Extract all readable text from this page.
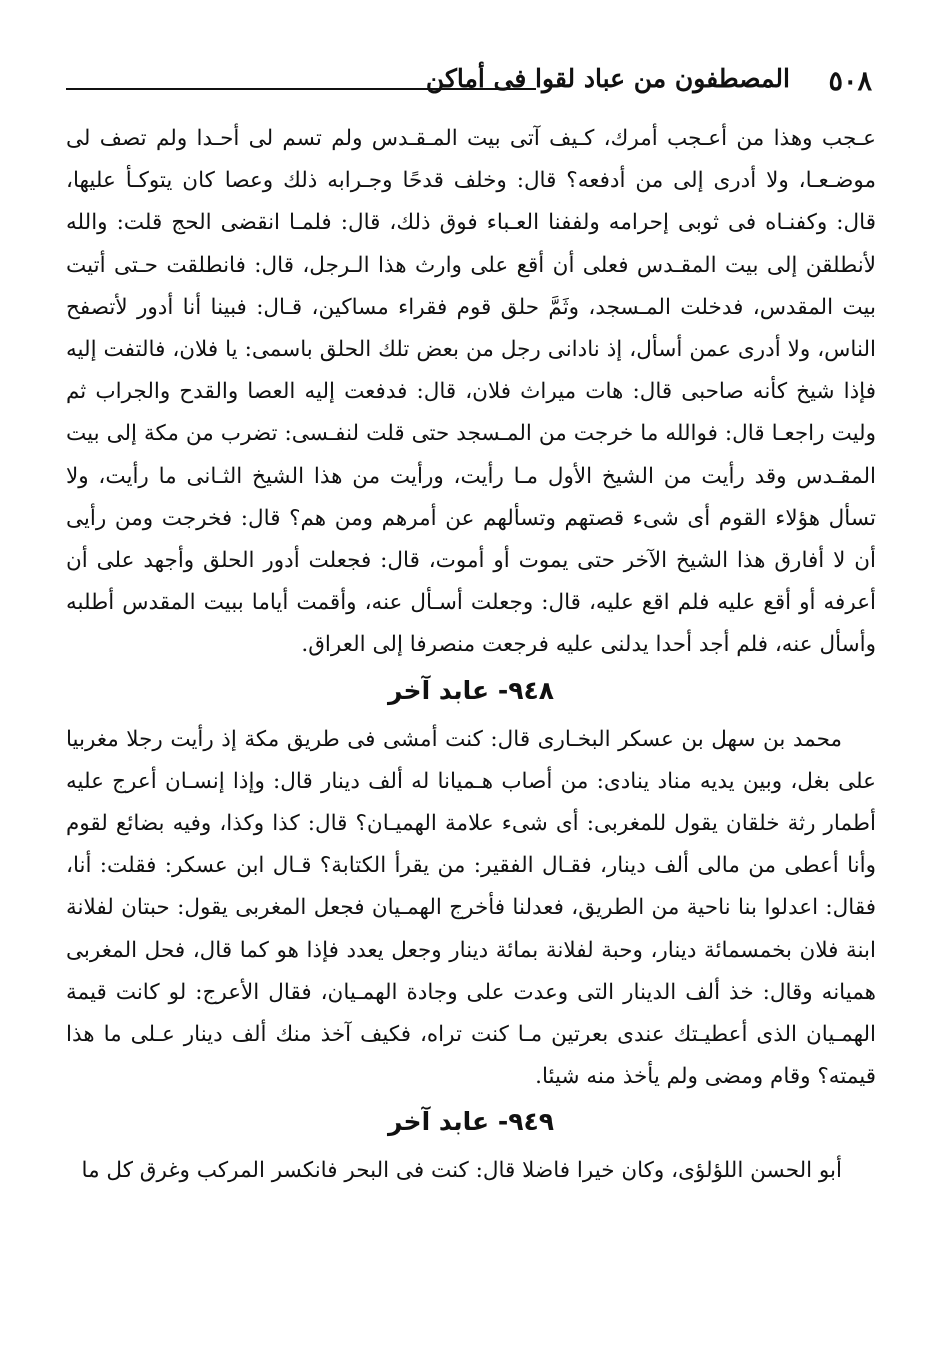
٥٠٨
المصطفون من عباد لقوا فى أماكن

عـجب وهذا من أعـجب أمرك، كـيف آتى بيت المـقـدس ولم تسم لى أحـدا ولم تصف لى موضـعـا، ولا أدرى إلى من أدفعه؟ قال: وخلف قدحًا وجـرابه ذلك وعصا كان يتوكـأ عليها، قال: وكفنـاه فى ثوبى إحرامه ولففنا العـباء فوق ذلك، قال: فلمـا انقضى الحج قلت: والله لأنطلقن إلى بيت المقـدس فعلى أن أقع على وارث هذا الـرجل، قال: فانطلقت حـتى أتيت بيت المقدس، فدخلت المـسجد، وثَمَّ حلق قوم فقراء مساكين، قـال: فبينا أنا أدور لأتصفح الناس، ولا أدرى عمن أسأل، إذ نادانى رجل من بعض تلك الحلق باسمى: يا فلان، فالتفت إليه فإذا شيخ كأنه صاحبى قال: هات ميراث فلان، قال: فدفعت إليه العصا والقدح والجراب ثم وليت راجعـا قال: فوالله ما خرجت من المـسجد حتى قلت لنفـسى: تضرب من مكة إلى بيت المقـدس وقد رأيت من الشيخ الأول مـا رأيت، ورأيت من هذا الشيخ الثـانى ما رأيت، ولا تسأل هؤلاء القوم أى شىء قصتهم وتسألهم عن أمرهم ومن هم؟ قال: فخرجت ومن رأيى أن لا أفارق هذا الشيخ الآخر حتى يموت أو أموت، قال: فجعلت أدور الحلق وأجهد على أن أعرفه أو أقع عليه فلم اقع عليه، قال: وجعلت أسـأل عنه، وأقمت أياما ببيت المقدس أطلبه وأسأل عنه، فلم أجد أحدا يدلنى عليه فرجعت منصرفا إلى العراق.

٩٤٨- عابد آخر

محمد بن سهل بن عسكر البخـارى قال: كنت أمشى فى طريق مكة إذ رأيت رجلا مغربيا على بغل، وبين يديه مناد ينادى: من أصاب هـميانا له ألف دينار قال: وإذا إنسـان أعرج عليه أطمار رثة خلقان يقول للمغربى: أى شىء علامة الهميـان؟ قال: كذا وكذا، وفيه بضائع لقوم وأنا أعطى من مالى ألف دينار، فقـال الفقير: من يقرأ الكتابة؟ قـال ابن عسكر: فقلت: أنا، فقال: اعدلوا بنا ناحية من الطريق، فعدلنا فأخرج الهمـيان فجعل المغربى يقول: حبتان لفلانة ابنة فلان بخمسمائة دينار، وحبة لفلانة بمائة دينار وجعل يعدد فإذا هو كما قال، فحل المغربى هميانه وقال: خذ ألف الدينار التى وعدت على وجادة الهمـيان، فقال الأعرج: لو كانت قيمة الهمـيان الذى أعطيـتك عندى بعرتين مـا كنت تراه، فكيف آخذ منك ألف دينار عـلى ما هذا قيمته؟ وقام ومضى ولم يأخذ منه شيئا.

٩٤٩- عابد آخر

أبو الحسن اللؤلؤى، وكان خيرا فاضلا قال: كنت فى البحر فانكسر المركب وغرق كل ما
